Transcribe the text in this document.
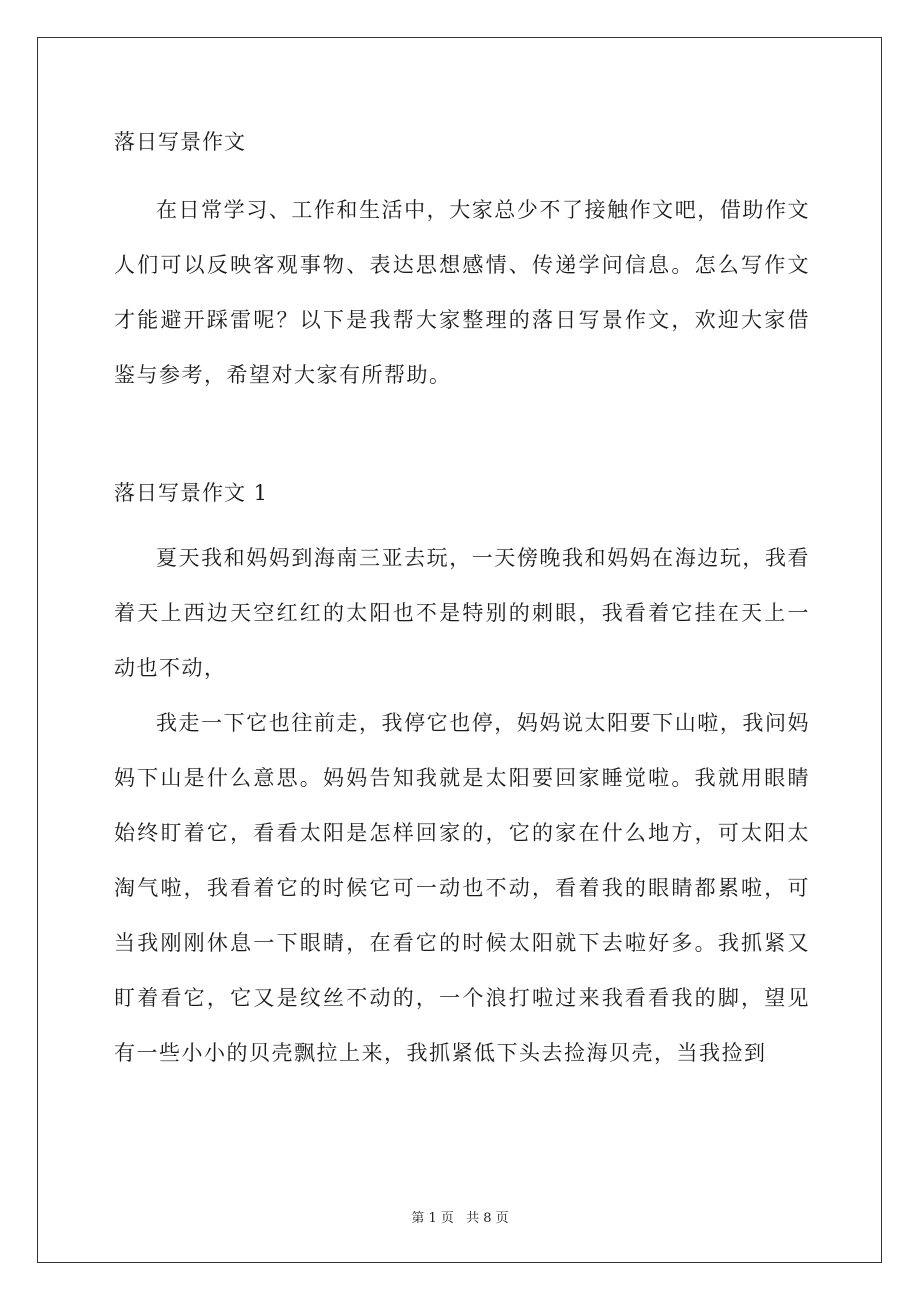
落日写景作文

在日常学习、工作和生活中，大家总少不了接触作文吧，借助作文人们可以反映客观事物、表达思想感情、传递学问信息。怎么写作文才能避开踩雷呢？以下是我帮大家整理的落日写景作文，欢迎大家借鉴与参考，希望对大家有所帮助。

落日写景作文 1

夏天我和妈妈到海南三亚去玩，一天傍晚我和妈妈在海边玩，我看着天上西边天空红红的太阳也不是特别的刺眼，我看着它挂在天上一动也不动，

我走一下它也往前走，我停它也停，妈妈说太阳要下山啦，我问妈妈下山是什么意思。妈妈告知我就是太阳要回家睡觉啦。我就用眼睛始终盯着它，看看太阳是怎样回家的，它的家在什么地方，可太阳太淘气啦，我看着它的时候它可一动也不动，看着我的眼睛都累啦，可当我刚刚休息一下眼睛，在看它的时候太阳就下去啦好多。我抓紧又盯着看它，它又是纹丝不动的，一个浪打啦过来我看看我的脚，望见有一些小小的贝壳飘拉上来，我抓紧低下头去捡海贝壳，当我捡到

第 1 页 共 8 页
